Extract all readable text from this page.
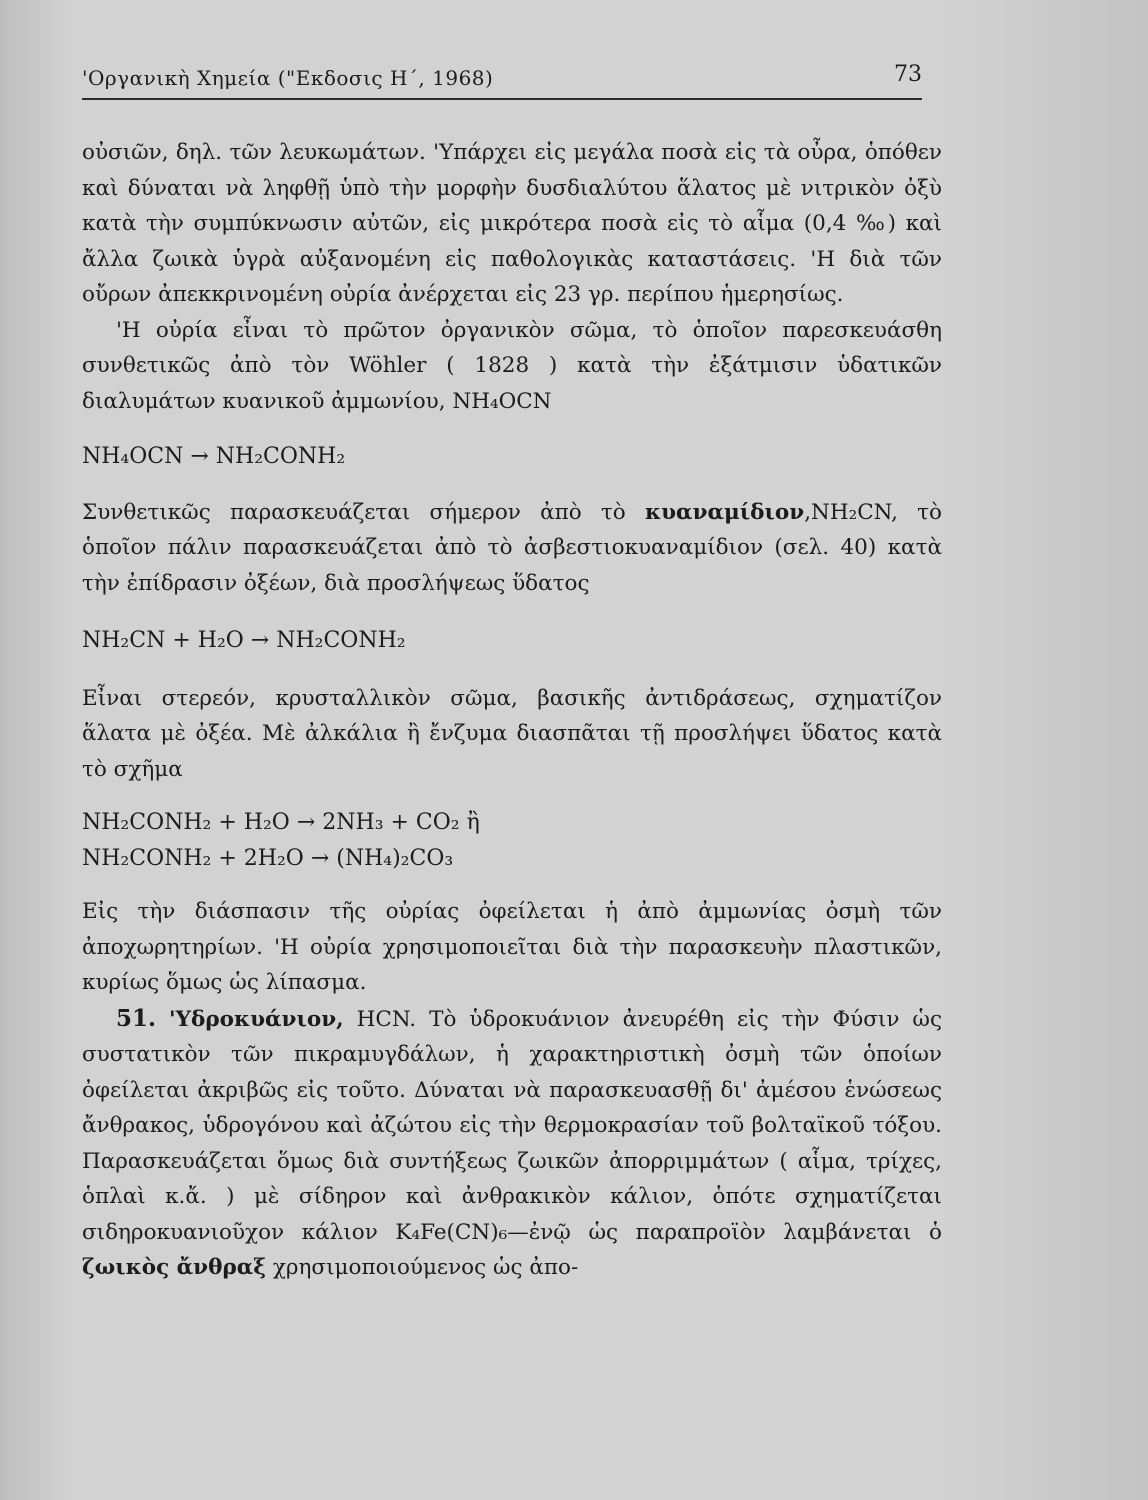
'Οργανικὴ Χημεία ("Εκδοσις Η΄, 1968)	73

οὐσιῶν, δηλ. τῶν λευκωμάτων. 'Υπάρχει εἰς μεγάλα ποσὰ εἰς τὰ οὖρα, ὁπόθεν καὶ δύναται νὰ ληφθῇ ὑπὸ τὴν μορφὴν δυσδιαλύτου ἅλατος μὲ νιτρικὸν ὀξὺ κατὰ τὴν συμπύκνωσιν αὐτῶν, εἰς μικρότερα ποσὰ εἰς τὸ αἷμα (0,4 ‰) καὶ ἄλλα ζωικὰ ὑγρὰ αὐξανομένη εἰς παθολογικὰς καταστάσεις. 'Η διὰ τῶν οὔρων ἀπεκκρινομένη οὐρία ἀνέρχεται εἰς 23 γρ. περίπου ἡμερησίως.

'Η οὐρία εἶναι τὸ πρῶτον ὀργανικὸν σῶμα, τὸ ὁποῖον παρεσκευάσθη συνθετικῶς ἀπὸ τὸν Wöhler ( 1828 ) κατὰ τὴν ἐξάτμισιν ὑδατικῶν διαλυμάτων κυανικοῦ ἀμμωνίου, NH₄OCN

NH₄OCN → NH₂CONH₂

Συνθετικῶς παρασκευάζεται σήμερον ἀπὸ τὸ κυαναμίδιον,NH₂CN, τὸ ὁποῖον πάλιν παρασκευάζεται ἀπὸ τὸ ἀσβεστιοκυαναμίδιον (σελ. 40) κατὰ τὴν ἐπίδρασιν ὀξέων, διὰ προσλήψεως ὕδατος

NH₂CN + H₂O → NH₂CONH₂

Εἶναι στερεόν, κρυσταλλικὸν σῶμα, βασικῆς ἀντιδράσεως, σχηματίζον ἅλατα μὲ ὀξέα. Μὲ ἀλκάλια ἢ ἔνζυμα διασπᾶται τῇ προσλήψει ὕδατος κατὰ τὸ σχῆμα

NH₂CONH₂ + H₂O → 2NH₃ + CO₂ ἢ

NH₂CONH₂ + 2H₂O → (NH₄)₂CO₃

Εἰς τὴν διάσπασιν τῆς οὐρίας ὀφείλεται ἡ ἀπὸ ἀμμωνίας ὀσμὴ τῶν ἀποχωρητηρίων. 'Η οὐρία χρησιμοποιεῖται διὰ τὴν παρασκευὴν πλαστικῶν, κυρίως ὅμως ὡς λίπασμα.

51. 'Υδροκυάνιον, HCN. Τὸ ὑδροκυάνιον ἀνευρέθη εἰς τὴν Φύσιν ὡς συστατικὸν τῶν πικραμυγδάλων, ἡ χαρακτηριστικὴ ὀσμὴ τῶν ὁποίων ὀφείλεται ἀκριβῶς εἰς τοῦτο. Δύναται νὰ παρασκευασθῇ δι' ἀμέσου ἑνώσεως ἄνθρακος, ὑδρογόνου καὶ ἀζώτου εἰς τὴν θερμοκρασίαν τοῦ βολταϊκοῦ τόξου. Παρασκευάζεται ὅμως διὰ συντήξεως ζωικῶν ἀπορριμμάτων ( αἷμα, τρίχες, ὁπλαὶ κ.ἄ. ) μὲ σίδηρον καὶ ἀνθρακικὸν κάλιον, ὁπότε σχηματίζεται σιδηροκυανιοῦχον κάλιον K₄Fe(CN)₆—ἐνῷ ὡς παραπροϊὸν λαμβάνεται ὁ ζωικὸς ἄνθραξ χρησιμοποιούμενος ὡς ἀπο-
